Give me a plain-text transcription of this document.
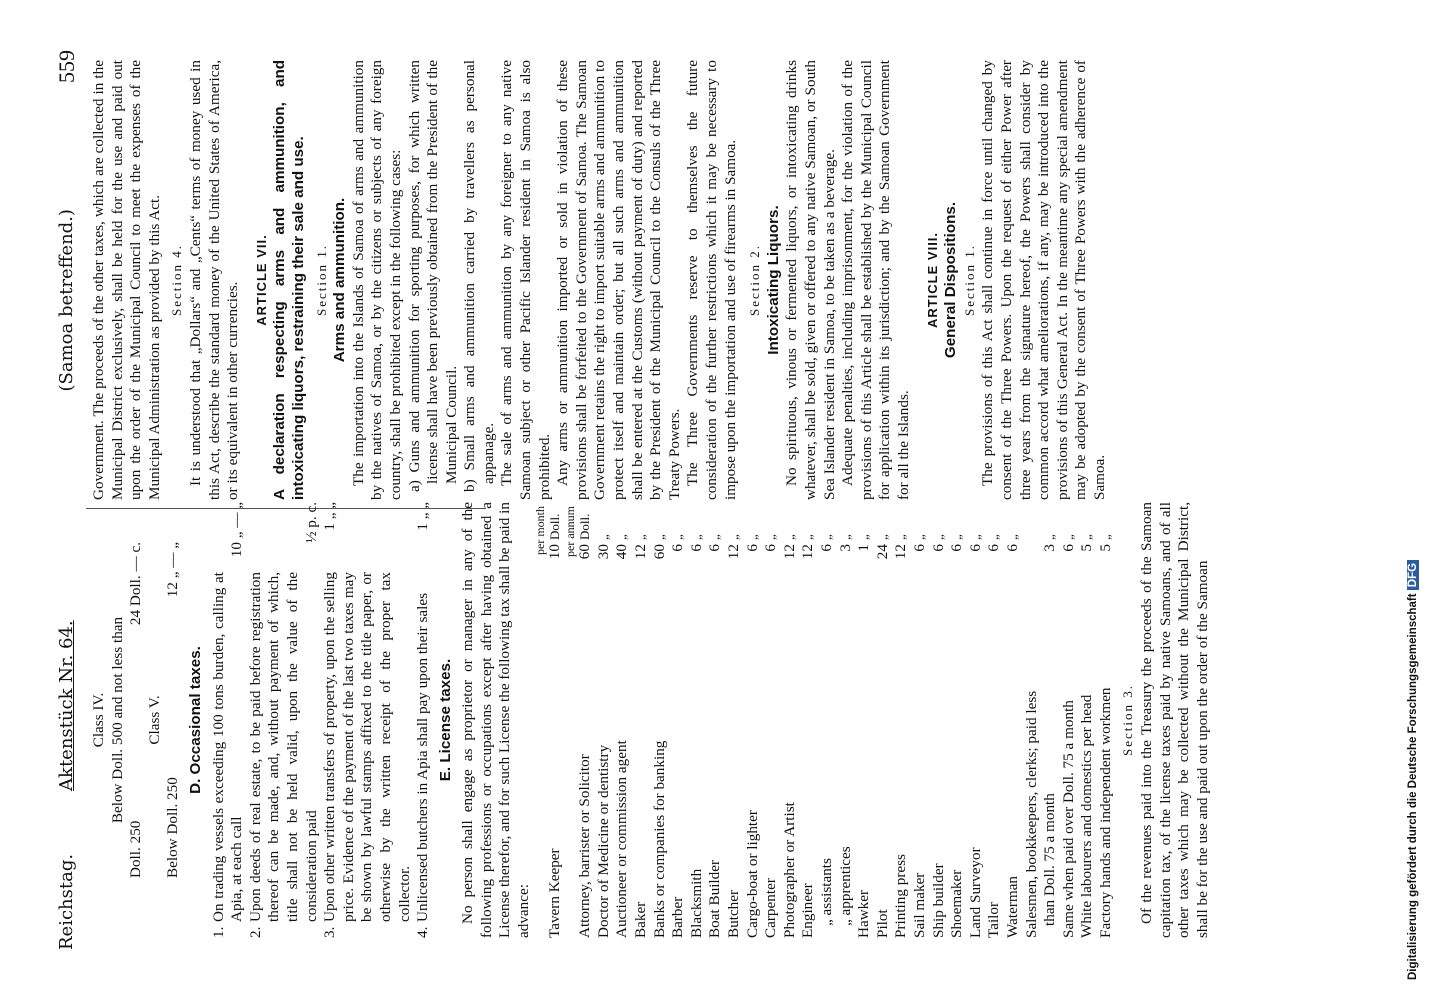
Reichstag.
Aktenstück Nr. 64.                                        (Samoa betreffend.)
559
Class IV. Below Doll. 500 and not less than
Doll. 250
24 Doll. — c.
Class V.
Below Doll. 250
12 „ — „
D. Occasional taxes.
1.
On trading vessels exceeding 100 tons burden, calling at Apia, at each call
10 „ — „
2.
Upon deeds of real estate, to be paid before registration thereof can be made, and, without payment of which, title shall not be held valid, upon the value of the consideration paid
½ p. c.
3.
Upon other written transfers of property, upon the selling price. Evidence of the payment of the last two taxes may be shown by lawful stamps affixed to the title paper, or otherwise by the written receipt of the proper tax collector.
1 „ „
4.
Unlicensed butchers in Apia shall pay upon their sales
1 „ „
E. License taxes. No person shall engage as proprietor or manager in any of the following professions or occupations except after having obtained a License therefor, and for such License the following tax shall be paid in advance:

per month
Tavern Keeper
10
Doll. per annum
Attorney, barrister or Solicitor
60
Doll.
Doctor of Medicine or dentistry
30
„
Auctioneer or commission agent
40
„
Baker
12
„
Banks or companies for banking
60
„
Barber
6
„
Blacksmith
6
„
Boat Builder
6
„
Butcher
12
„
Cargo-boat or lighter
6
„
Carpenter
6
„
Photographer or Artist
12
„
Engineer
12
„
„ assistants
6
„
„ apprentices
3
„
Hawker
1
„
Pilot
24
„
Printing press
12
„
Sail maker
6
„
Ship builder
6
„
Shoemaker
6
„
Land Surveyor
6
„
Tailor
6
„
Waterman
6
„
Salesmen, bookkeepers, clerks; paid less than Doll. 75 a month
3
„
Same when paid over Doll. 75 a month
6
„
White labourers and domestics per head
5
„
Factory hands and independent workmen
5
„
Section 3. Of the revenues paid into the Treasury the proceeds of the Samoan capitation tax, of the license taxes paid by native Samoans, and of all other taxes which may be collected without the Municipal District, shall be for the use and paid out upon the order of the Samoan

Government. The proceeds of the other taxes, which are collected in the Municipal District exclusively, shall be held for the use and paid out upon the order of the Municipal Council to meet the expenses of the Municipal Administration as provided by this Act. Section 4. It is understood that „Dollars“ and „Cents“ terms of money used in this Act, describe the standard money of the United States of America, or its equivalent in other currencies.

ARTICLE VII. A declaration respecting arms and ammunition, and intoxicating liquors, restraining their sale and use. Section 1. Arms and ammunition. The importation into the Islands of Samoa of arms and ammunition by the natives of Samoa, or by the citizens or subjects of any foreign country, shall be prohibited except in the following cases: a) Guns and ammunition for sporting purposes, for which written license shall have been previously obtained from the President of the Municipal Council. b) Small arms and ammunition carried by travellers as personal appanage. The sale of arms and ammunition by any foreigner to any native Samoan subject or other Pacific Islander resident in Samoa is also prohibited. Any arms or ammunition imported or sold in violation of these provisions shall be forfeited to the Government of Samoa. The Samoan Government retains the right to import suitable arms and ammunition to protect itself and maintain order; but all such arms and ammunition shall be entered at the Customs (without payment of duty) and reported by the President of the Municipal Council to the Consuls of the Three Treaty Powers. The Three Governments reserve to themselves the future consideration of the further restrictions which it may be necessary to impose upon the importation and use of firearms in Samoa. Section 2. Intoxicating Liquors. No spirituous, vinous or fermented liquors, or intoxicating drinks whatever, shall be sold, given or offered to any native Samoan, or South Sea Islander resident in Samoa, to be taken as a beverage. Adequate penalties, including imprisonment, for the violation of the provisions of this Article shall be established by the Municipal Council for application within its jurisdiction; and by the Samoan Government for all the Islands.

ARTICLE VIII. General Dispositions. Section 1. The provisions of this Act shall continue in force until changed by consent of the Three Powers. Upon the request of either Power after three years from the signature hereof, the Powers shall consider by common accord what ameliorations, if any, may be introduced into the provisions of this General Act. In the meantime any special amendment may be adopted by the consent of Three Powers with the adherence of Samoa.

Digitalisierung gefördert durch die Deutsche Forschungsgemeinschaft DFG
